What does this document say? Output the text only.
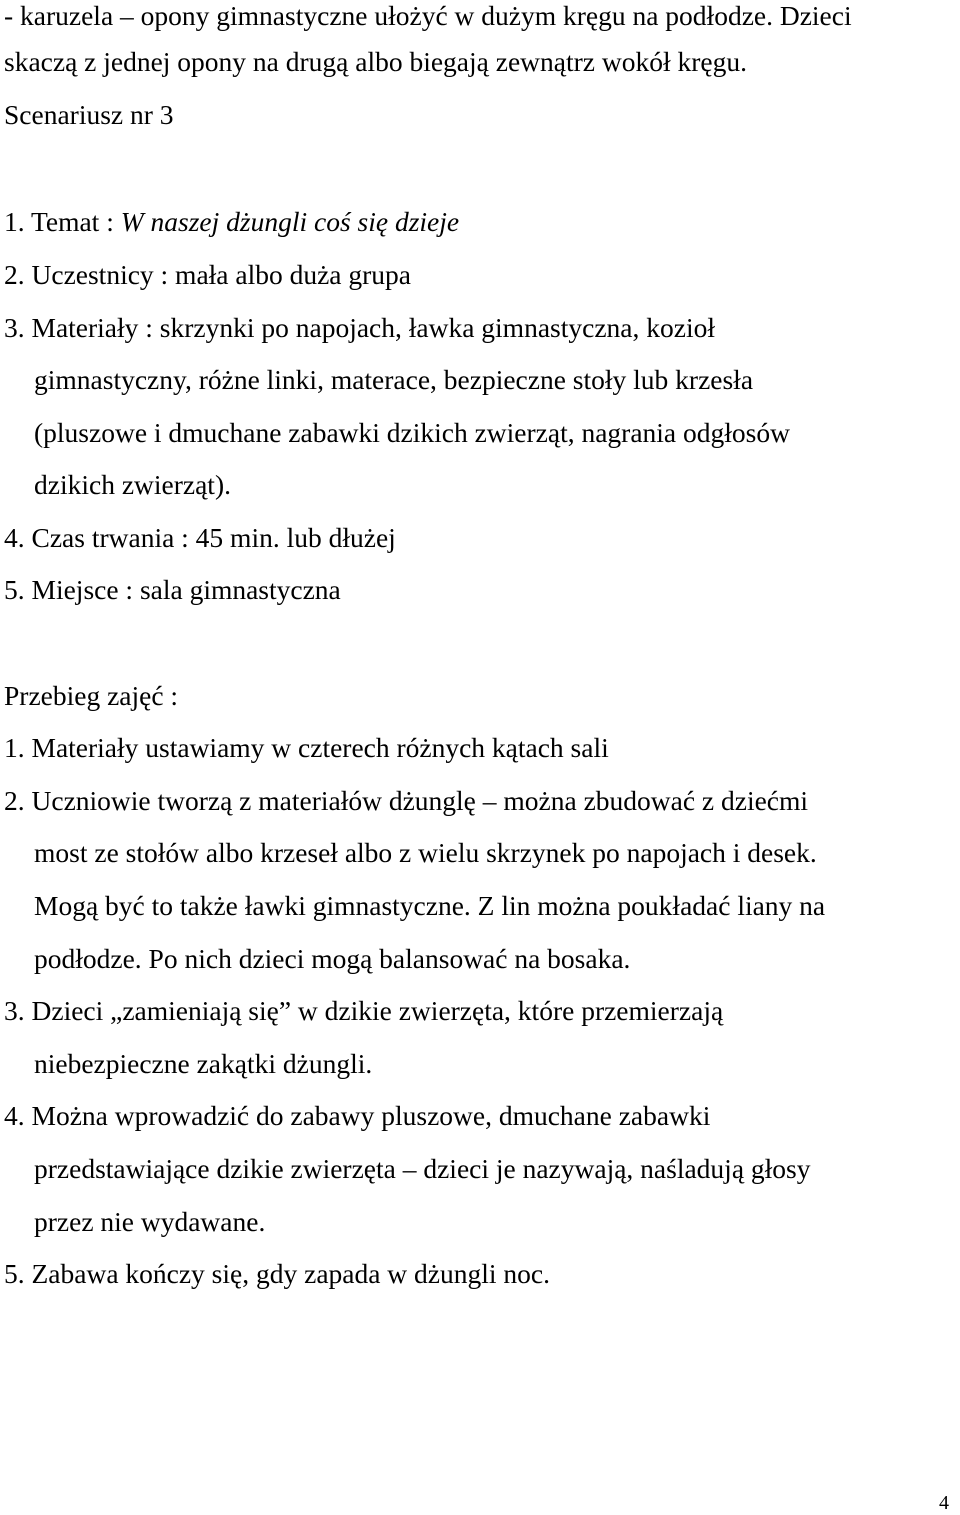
- karuzela – opony gimnastyczne ułożyć w dużym kręgu na podłodze. Dzieci
skaczą z jednej opony na drugą albo biegają zewnątrz wokół kręgu.
Scenariusz nr 3
1. Temat : W naszej dżungli coś się dzieje
2. Uczestnicy : mała albo duża grupa
3. Materiały : skrzynki po napojach, ławka gimnastyczna, kozioł
gimnastyczny, różne linki, materace, bezpieczne stoły lub krzesła
(pluszowe i dmuchane zabawki dzikich zwierząt, nagrania odgłosów
dzikich zwierząt).
4. Czas trwania : 45 min. lub dłużej
5. Miejsce : sala gimnastyczna
Przebieg zajęć :
1. Materiały ustawiamy w czterech różnych kątach sali
2. Uczniowie tworzą z materiałów dżunglę – można zbudować z dziećmi
most ze stołów albo krzeseł albo z wielu skrzynek po napojach i desek.
Mogą być to także ławki gimnastyczne. Z lin można poukładać liany na
podłodze. Po nich dzieci mogą balansować na bosaka.
3. Dzieci „zamieniają się” w dzikie zwierzęta, które przemierzają
niebezpieczne zakątki dżungli.
4. Można wprowadzić do zabawy pluszowe, dmuchane zabawki
przedstawiające dzikie zwierzęta – dzieci je nazywają, naśladują głosy
przez nie wydawane.
5. Zabawa kończy się, gdy zapada w dżungli noc.
4
